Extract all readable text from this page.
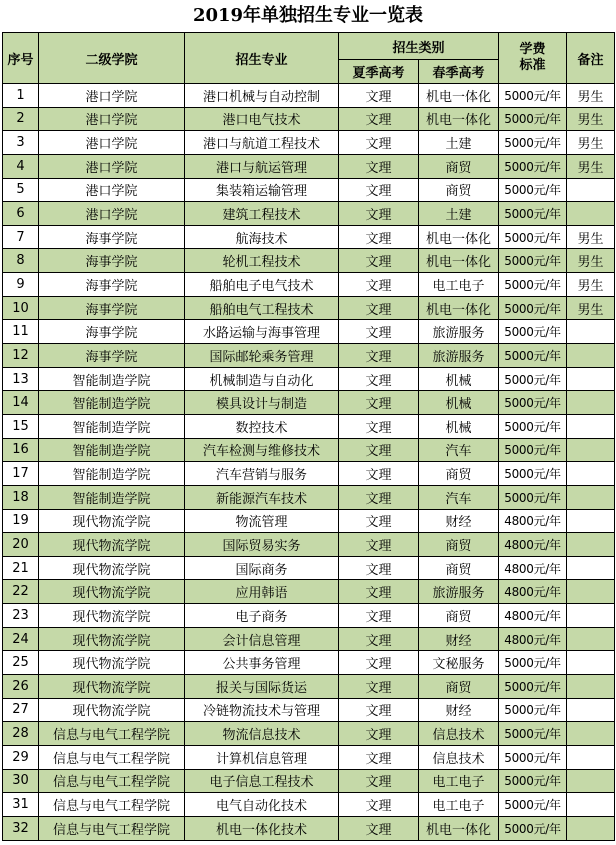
2019年单独招生专业一览表
序号	二级学院	招生专业	招生类别		学费标准	备注
			夏季高考	春季高考		
1	港口学院	港口机械与自动控制	文理	机电一体化	5000元/年	男生
2	港口学院	港口电气技术	文理	机电一体化	5000元/年	男生
3	港口学院	港口与航道工程技术	文理	土建	5000元/年	男生
4	港口学院	港口与航运管理	文理	商贸	5000元/年	男生
5	港口学院	集装箱运输管理	文理	商贸	5000元/年	
6	港口学院	建筑工程技术	文理	土建	5000元/年	
7	海事学院	航海技术	文理	机电一体化	5000元/年	男生
8	海事学院	轮机工程技术	文理	机电一体化	5000元/年	男生
9	海事学院	船舶电子电气技术	文理	电工电子	5000元/年	男生
10	海事学院	船舶电气工程技术	文理	机电一体化	5000元/年	男生
11	海事学院	水路运输与海事管理	文理	旅游服务	5000元/年	
12	海事学院	国际邮轮乘务管理	文理	旅游服务	5000元/年	
13	智能制造学院	机械制造与自动化	文理	机械	5000元/年	
14	智能制造学院	模具设计与制造	文理	机械	5000元/年	
15	智能制造学院	数控技术	文理	机械	5000元/年	
16	智能制造学院	汽车检测与维修技术	文理	汽车	5000元/年	
17	智能制造学院	汽车营销与服务	文理	商贸	5000元/年	
18	智能制造学院	新能源汽车技术	文理	汽车	5000元/年	
19	现代物流学院	物流管理	文理	财经	4800元/年	
20	现代物流学院	国际贸易实务	文理	商贸	4800元/年	
21	现代物流学院	国际商务	文理	商贸	4800元/年	
22	现代物流学院	应用韩语	文理	旅游服务	4800元/年	
23	现代物流学院	电子商务	文理	商贸	4800元/年	
24	现代物流学院	会计信息管理	文理	财经	4800元/年	
25	现代物流学院	公共事务管理	文理	文秘服务	5000元/年	
26	现代物流学院	报关与国际货运	文理	商贸	5000元/年	
27	现代物流学院	冷链物流技术与管理	文理	财经	5000元/年	
28	信息与电气工程学院	物流信息技术	文理	信息技术	5000元/年	
29	信息与电气工程学院	计算机信息管理	文理	信息技术	5000元/年	
30	信息与电气工程学院	电子信息工程技术	文理	电工电子	5000元/年	
31	信息与电气工程学院	电气自动化技术	文理	电工电子	5000元/年	
32	信息与电气工程学院	机电一体化技术	文理	机电一体化	5000元/年	
